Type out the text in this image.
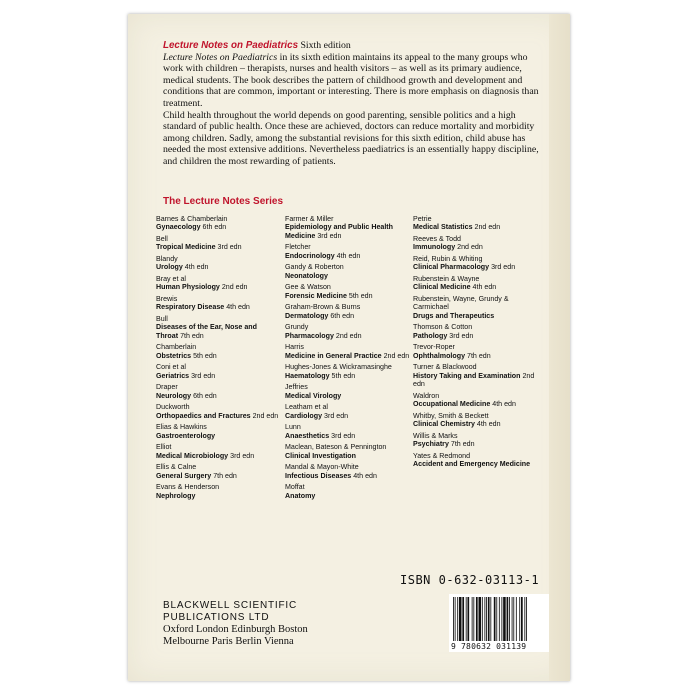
Lecture Notes on Paediatrics Sixth edition
Lecture Notes on Paediatrics in its sixth edition maintains its appeal to the many groups who work with children – therapists, nurses and health visitors – as well as its primary audience, medical students. The book describes the pattern of childhood growth and development and conditions that are common, important or interesting. There is more emphasis on diagnosis than treatment.

Child health throughout the world depends on good parenting, sensible politics and a high standard of public health. Once these are achieved, doctors can reduce mortality and morbidity among children. Sadly, among the substantial revisions for this sixth edition, child abuse has needed the most extensive additions. Nevertheless paediatrics is an essentially happy discipline, and children the most rewarding of patients.

The Lecture Notes Series
Barnes & Chamberlain
Gynaecology 6th edn
Bell
Tropical Medicine 3rd edn
Blandy
Urology 4th edn
Bray et al
Human Physiology 2nd edn
Brewis
Respiratory Disease 4th edn
Bull
Diseases of the Ear, Nose and Throat 7th edn
Chamberlain
Obstetrics 5th edn
Coni et al
Geriatrics 3rd edn
Draper
Neurology 6th edn
Duckworth
Orthopaedics and Fractures 2nd edn
Elias & Hawkins
Gastroenterology
Elliot
Medical Microbiology 3rd edn
Ellis & Calne
General Surgery 7th edn
Evans & Henderson
Nephrology
Farmer & Miller
Epidemiology and Public Health Medicine 3rd edn
Fletcher
Endocrinology 4th edn
Gandy & Roberton
Neonatology
Gee & Watson
Forensic Medicine 5th edn
Graham-Brown & Burns
Dermatology 6th edn
Grundy
Pharmacology 2nd edn
Harris
Medicine in General Practice 2nd edn
Hughes-Jones & Wickramasinghe
Haematology 5th edn
Jeffries
Medical Virology
Leatham et al
Cardiology 3rd edn
Lunn
Anaesthetics 3rd edn
Maclean, Bateson & Pennington
Clinical Investigation
Mandal & Mayon-White
Infectious Diseases 4th edn
Moffat
Anatomy
Petrie
Medical Statistics 2nd edn
Reeves & Todd
Immunology 2nd edn
Reid, Rubin & Whiting
Clinical Pharmacology 3rd edn
Rubenstein & Wayne
Clinical Medicine 4th edn
Rubenstein, Wayne, Grundy & Carmichael
Drugs and Therapeutics
Thomson & Cotton
Pathology 3rd edn
Trevor-Roper
Ophthalmology 7th edn
Turner & Blackwood
History Taking and Examination 2nd edn
Waldron
Occupational Medicine 4th edn
Whitby, Smith & Beckett
Clinical Chemistry 4th edn
Willis & Marks
Psychiatry 7th edn
Yates & Redmond
Accident and Emergency Medicine
ISBN 0-632-03113-1
9 780632 031139
BLACKWELL SCIENTIFIC
PUBLICATIONS LTD
Oxford London Edinburgh Boston
Melbourne Paris Berlin Vienna
